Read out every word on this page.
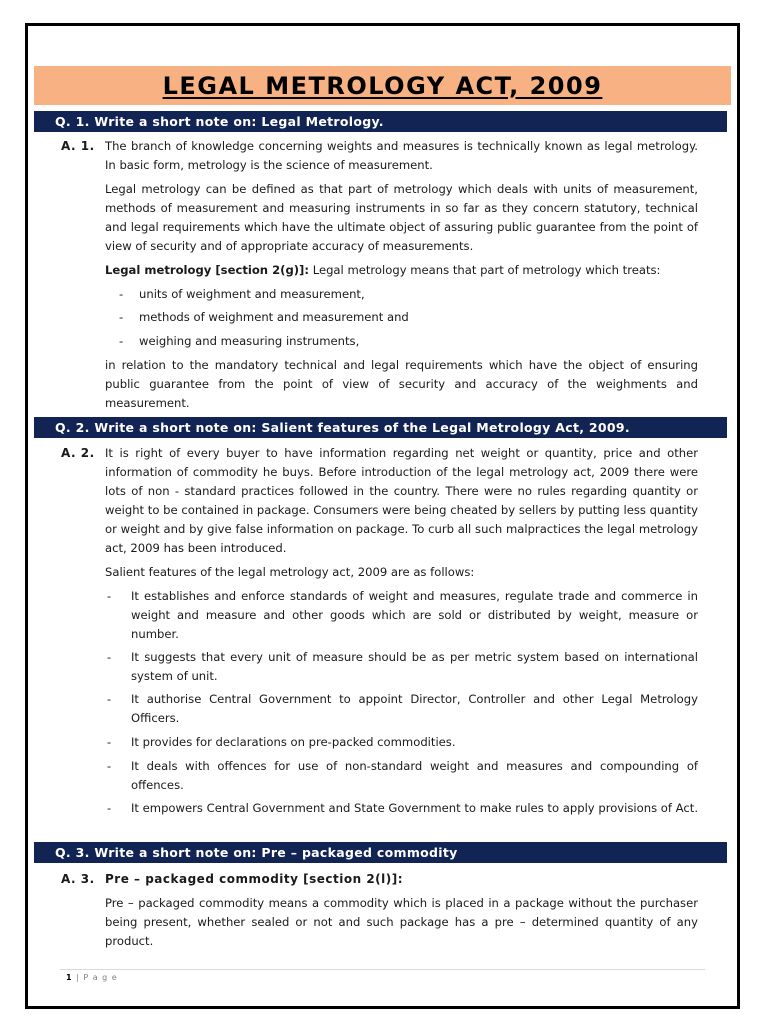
LEGAL METROLOGY ACT, 2009
Q. 1. Write a short note on: Legal Metrology.
A. 1. The branch of knowledge concerning weights and measures is technically known as legal metrology. In basic form, metrology is the science of measurement.

Legal metrology can be defined as that part of metrology which deals with units of measurement, methods of measurement and measuring instruments in so far as they concern statutory, technical and legal requirements which have the ultimate object of assuring public guarantee from the point of view of security and of appropriate accuracy of measurements.

Legal metrology [section 2(g)]: Legal metrology means that part of metrology which treats:

- units of weighment and measurement,
- methods of weighment and measurement and
- weighing and measuring instruments,

in relation to the mandatory technical and legal requirements which have the object of ensuring public guarantee from the point of view of security and accuracy of the weighments and measurement.

Q. 2. Write a short note on: Salient features of the Legal Metrology Act, 2009.
A. 2. It is right of every buyer to have information regarding net weight or quantity, price and other information of commodity he buys. Before introduction of the legal metrology act, 2009 there were lots of non - standard practices followed in the country. There were no rules regarding quantity or weight to be contained in package. Consumers were being cheated by sellers by putting less quantity or weight and by give false information on package. To curb all such malpractices the legal metrology act, 2009 has been introduced.

Salient features of the legal metrology act, 2009 are as follows:

- It establishes and enforce standards of weight and measures, regulate trade and commerce in weight and measure and other goods which are sold or distributed by weight, measure or number.
- It suggests that every unit of measure should be as per metric system based on international system of unit.
- It authorise Central Government to appoint Director, Controller and other Legal Metrology Officers.
- It provides for declarations on pre-packed commodities.
- It deals with offences for use of non-standard weight and measures and compounding of offences.
- It empowers Central Government and State Government to make rules to apply provisions of Act.
Q. 3. Write a short note on: Pre – packaged commodity
A. 3. Pre – packaged commodity [section 2(l)]:

Pre – packaged commodity means a commodity which is placed in a package without the purchaser being present, whether sealed or not and such package has a pre – determined quantity of any product.

1 | P a g e
